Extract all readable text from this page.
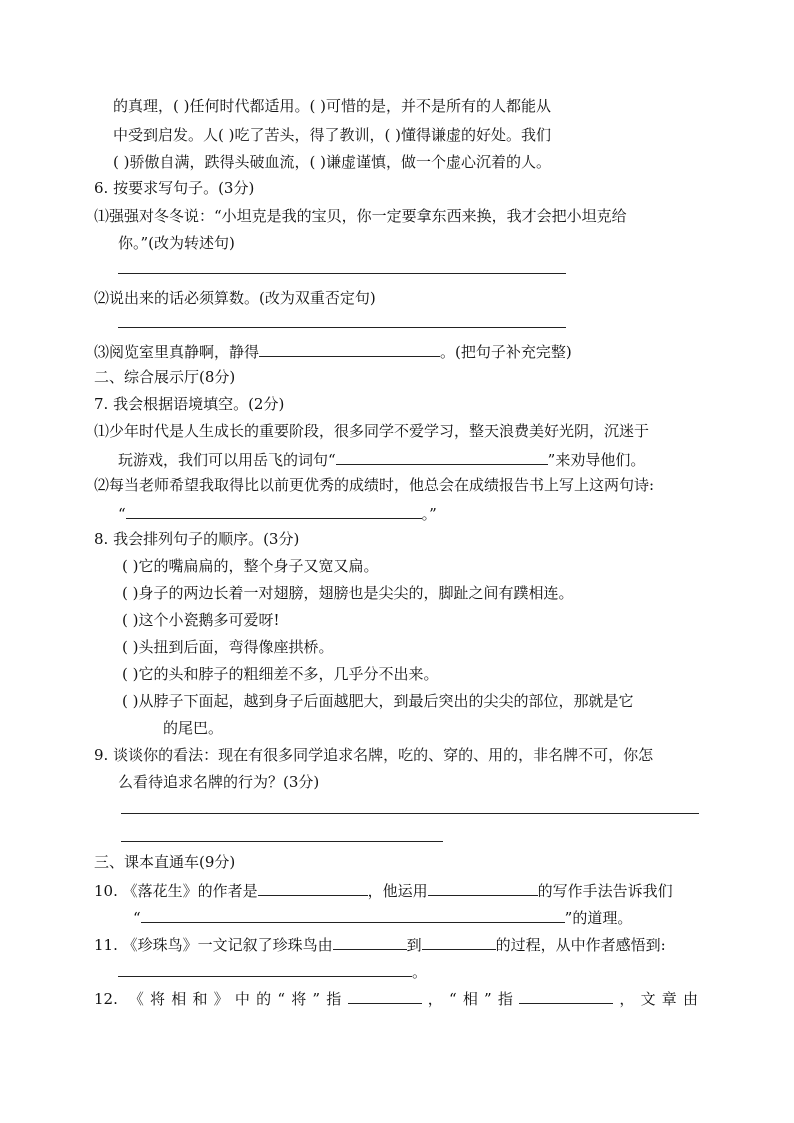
的真理，( )任何时代都适用。( )可惜的是，并不是所有的人都能从
中受到启发。人( )吃了苦头，得了教训，( )懂得谦虚的好处。我们
( )骄傲自满，跌得头破血流，( )谦虚谨慎，做一个虚心沉着的人。
6. 按要求写句子。(3分)
⑴强强对冬冬说：“小坦克是我的宝贝，你一定要拿东西来换，我才会把小坦克给
你。”(改为转述句)
⑵说出来的话必须算数。(改为双重否定句)
⑶阅览室里真静啊，静得	。(把句子补充完整)
二、综合展示厅(8分)
7. 我会根据语境填空。(2分)
⑴少年时代是人生成长的重要阶段，很多同学不爱学习，整天浪费美好光阴，沉迷于
玩游戏，我们可以用岳飞的词句“	”来劝导他们。
⑵每当老师希望我取得比以前更优秀的成绩时，他总会在成绩报告书上写上这两句诗:
“	。”
8. 我会排列句子的顺序。(3分)
( )它的嘴扁扁的，整个身子又宽又扁。
( )身子的两边长着一对翅膀，翅膀也是尖尖的，脚趾之间有蹼相连。
( )这个小瓷鹅多可爱呀!
( )头扭到后面，弯得像座拱桥。
( )它的头和脖子的粗细差不多，几乎分不出来。
( )从脖子下面起，越到身子后面越肥大，到最后突出的尖尖的部位，那就是它
的尾巴。
9. 谈谈你的看法：现在有很多同学追求名牌，吃的、穿的、用的，非名牌不可，你怎
么看待追求名牌的行为？(3分)
三、课本直通车(9分)
10. 《落花生》的作者是	，他运用	的写作手法告诉我们
“	”的道理。
11. 《珍珠鸟》一文记叙了珍珠鸟由	到	的过程，从中作者感悟到:
。
12. 《将相和》中的“将”指	，“相”指	，文章由
